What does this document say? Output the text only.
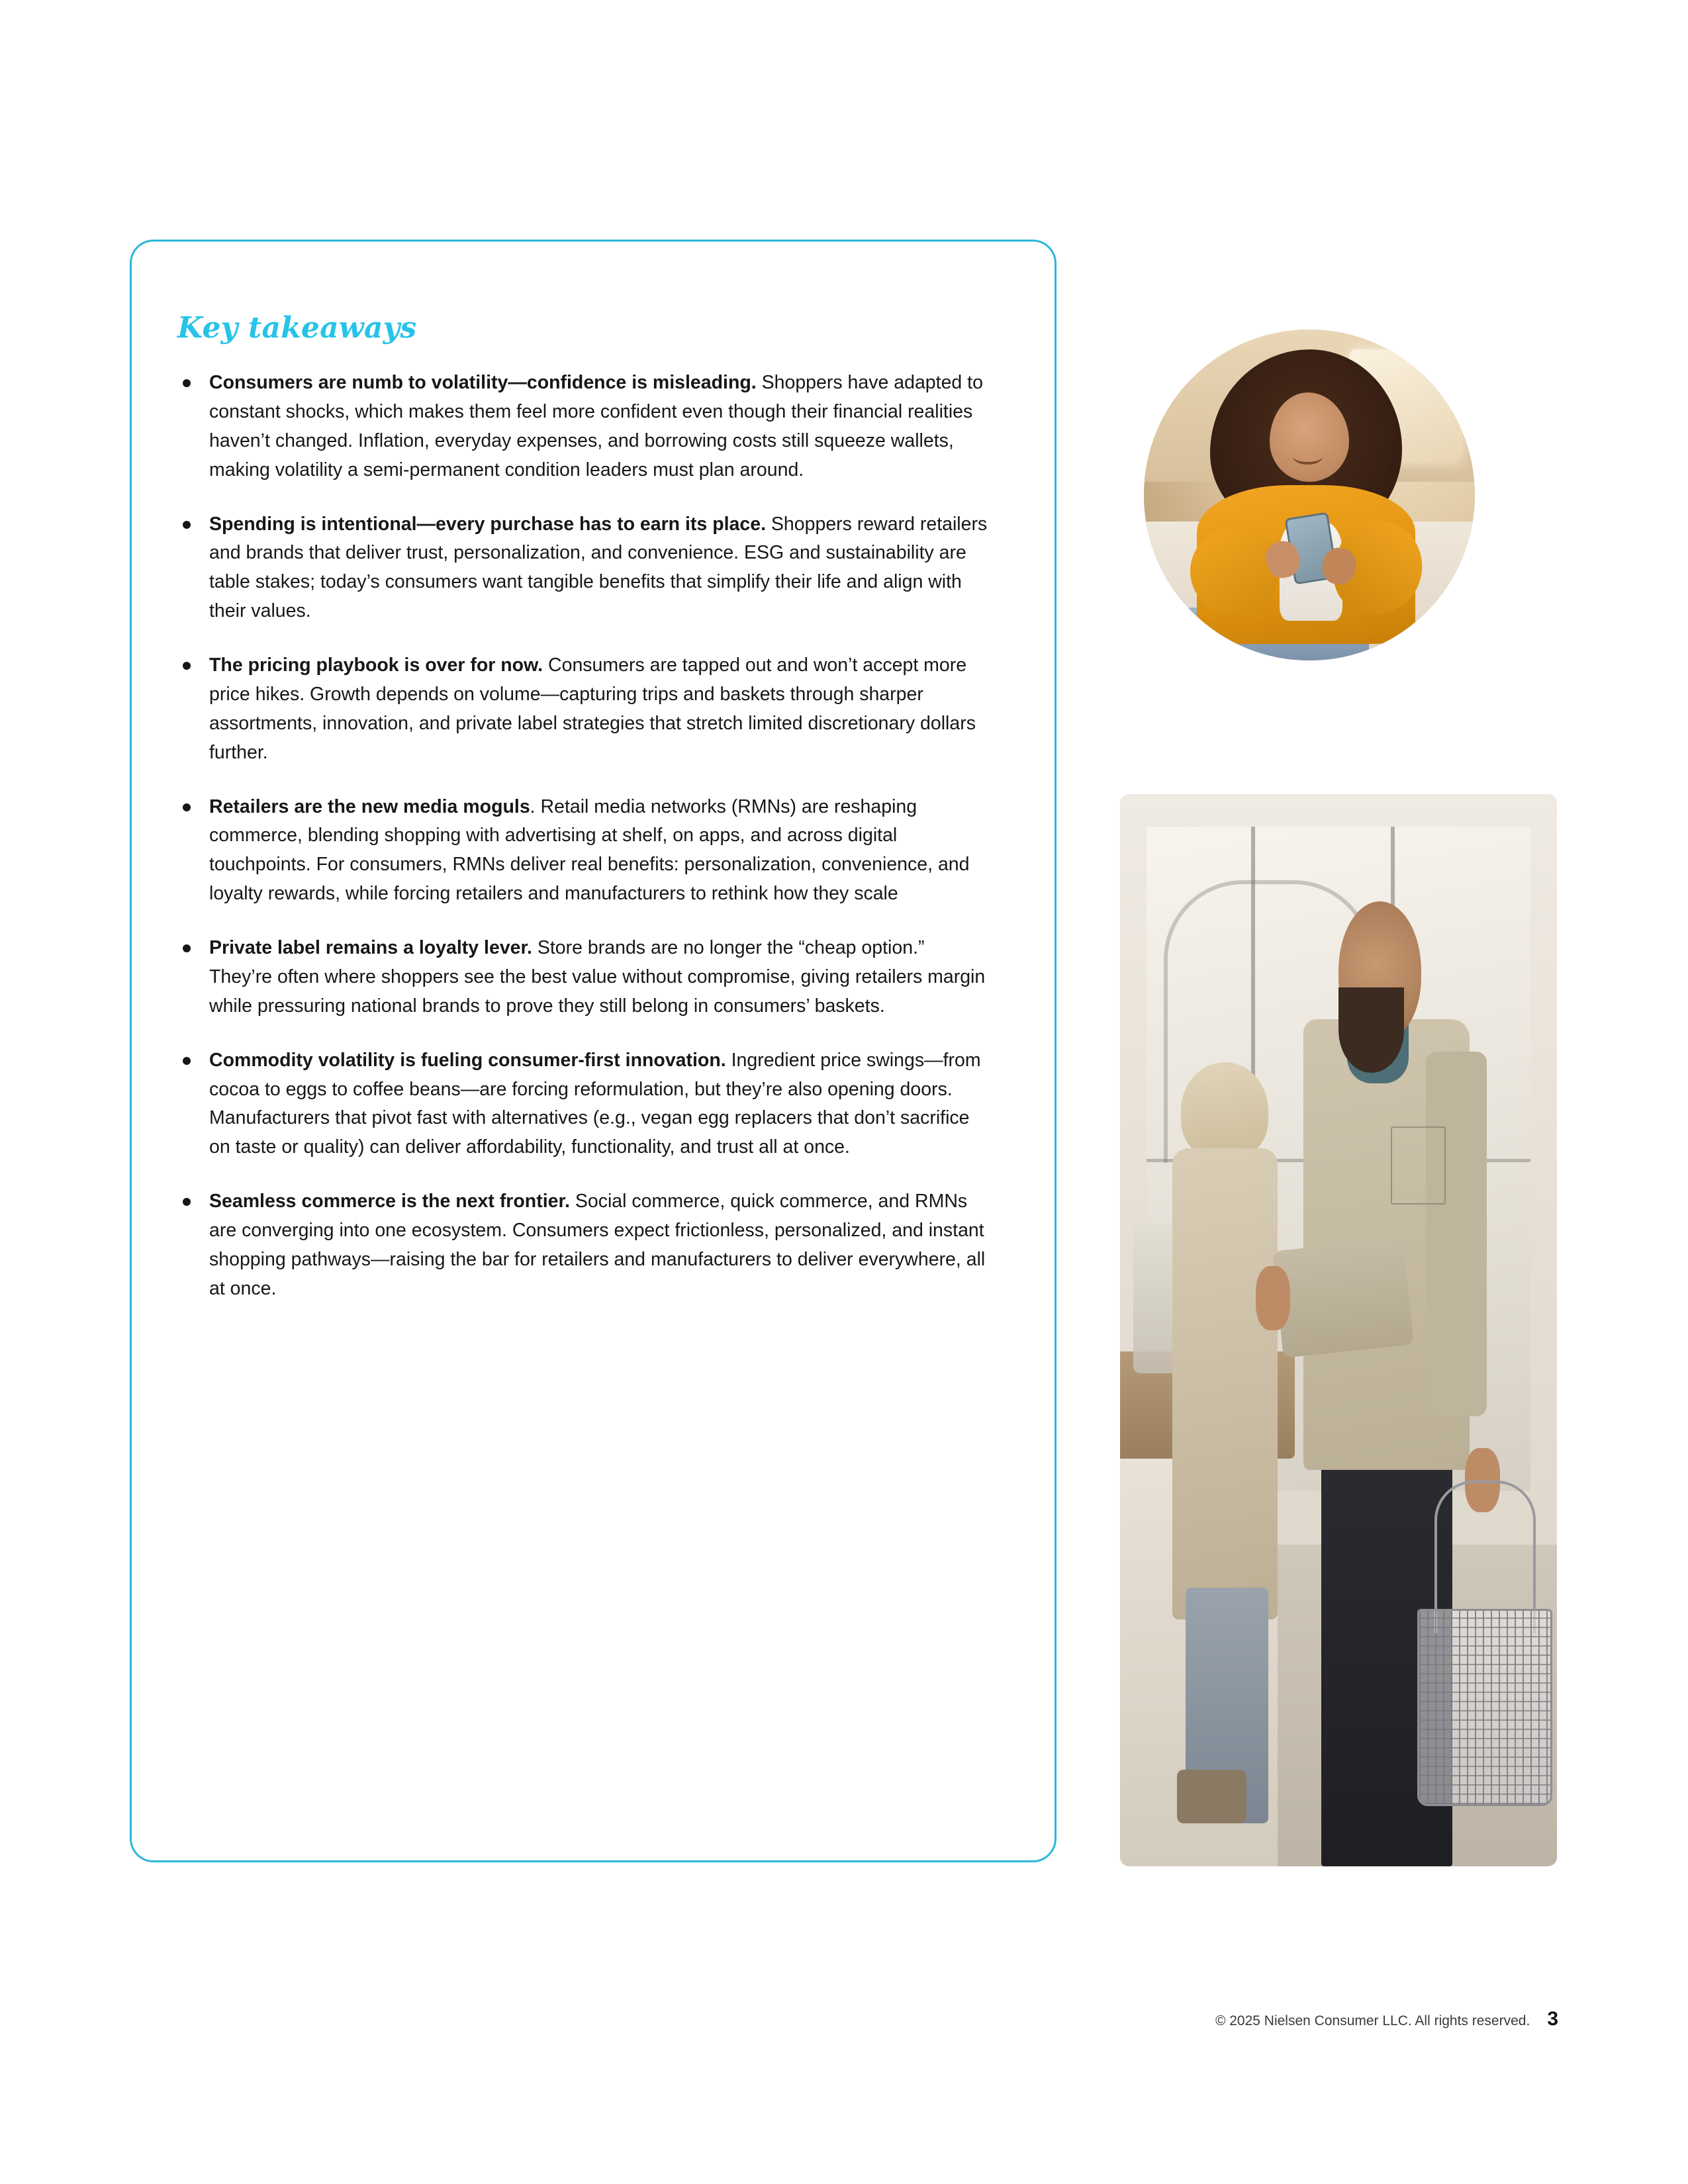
Key takeaways
Consumers are numb to volatility—confidence is misleading. Shoppers have adapted to constant shocks, which makes them feel more confident even though their financial realities haven’t changed. Inflation, everyday expenses, and borrowing costs still squeeze wallets, making volatility a semi-permanent condition leaders must plan around.
Spending is intentional—every purchase has to earn its place. Shoppers reward retailers and brands that deliver trust, personalization, and convenience. ESG and sustainability are table stakes; today’s consumers want tangible benefits that simplify their life and align with their values.
The pricing playbook is over for now. Consumers are tapped out and won’t accept more price hikes. Growth depends on volume—capturing trips and baskets through sharper assortments, innovation, and private label strategies that stretch limited discretionary dollars further.
Retailers are the new media moguls. Retail media networks (RMNs) are reshaping commerce, blending shopping with advertising at shelf, on apps, and across digital touchpoints. For consumers, RMNs deliver real benefits: personalization, convenience, and loyalty rewards, while forcing retailers and manufacturers to rethink how they scale
Private label remains a loyalty lever. Store brands are no longer the “cheap option.” They’re often where shoppers see the best value without compromise, giving retailers margin while pressuring national brands to prove they still belong in consumers’ baskets.
Commodity volatility is fueling consumer-first innovation. Ingredient price swings—from cocoa to eggs to coffee beans—are forcing reformulation, but they’re also opening doors. Manufacturers that pivot fast with alternatives (e.g., vegan egg replacers that don’t sacrifice on taste or quality) can deliver affordability, functionality, and trust all at once.
Seamless commerce is the next frontier. Social commerce, quick commerce, and RMNs are converging into one ecosystem. Consumers expect frictionless, personalized, and instant shopping pathways—raising the bar for retailers and manufacturers to deliver everywhere, all at once.
© 2025 Nielsen Consumer LLC. All rights reserved. 3
